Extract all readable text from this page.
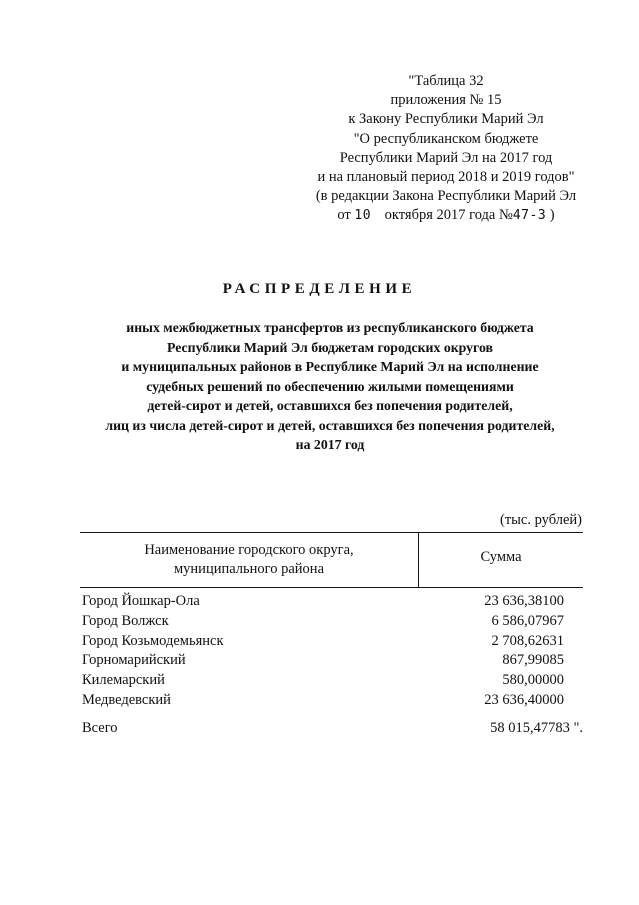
"Таблица 32
приложения № 15
к Закону Республики Марий Эл
"О республиканском бюджете
Республики Марий Эл на 2017 год
и на плановый период 2018 и 2019 годов"
(в редакции Закона Республики Марий Эл
от 10 октября 2017 года №47-З )
РАСПРЕДЕЛЕНИЕ
иных межбюджетных трансфертов из республиканского бюджета
Республики Марий Эл бюджетам городских округов
и муниципальных районов в Республике Марий Эл на исполнение
судебных решений по обеспечению жилыми помещениями
детей-сирот и детей, оставшихся без попечения родителей,
лиц из числа детей-сирот и детей, оставшихся без попечения родителей,
на 2017 год
(тыс. рублей)
Наименование городского округа,
муниципального района
Сумма
Город Йошкар-Ола	23 636,38100
Город Волжск	6 586,07967
Город Козьмодемьянск	2 708,62631
Горномарийский	867,99085
Килемарский	580,00000
Медведевский	23 636,40000
Всего	58 015,47783 ".
